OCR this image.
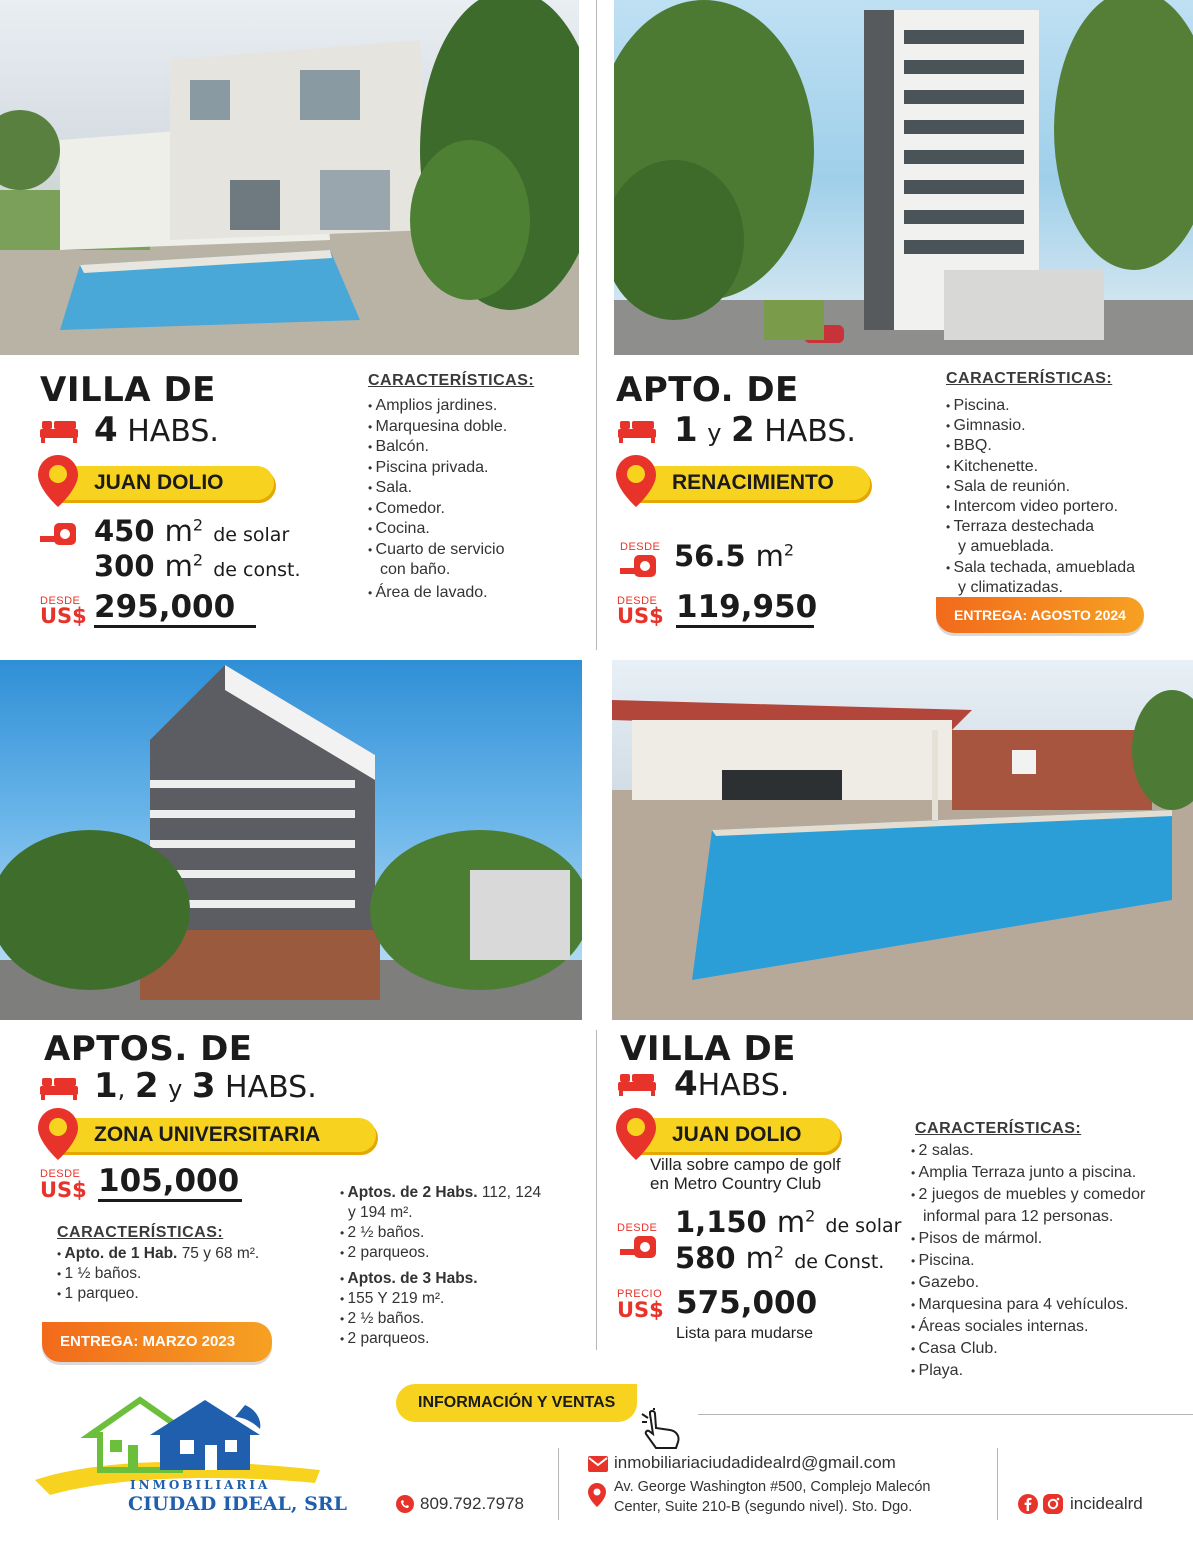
VILLA DE
4 HABS.
JUAN DOLIO
450 $m^2$ de solar
300 $m^2$ de const.
DESDE
US$ 295,000
CARACTERÍSTICAS:
• Amplios jardines.
• Marquesina doble.
• Balcón.
• Piscina privada.
• Sala.
• Comedor.
• Cocina.
• Cuarto de servicio
con baño.
• Área de lavado.
APTO. DE
1 y 2 HABS.
RENACIMIENTO
DESDE 56.5 $m^2$
DESDE
US$ 119,950
CARACTERÍSTICAS:
• Piscina.
• Gimnasio.
• BBQ.
• Kitchenette.
• Sala de reunión.
• Intercom video portero.
• Terraza destechada
y amueblada.
• Sala techada, amueblada
y climatizadas.
ENTREGA: AGOSTO 2024
APTOS. DE
1, 2 y 3 HABS.
ZONA UNIVERSITARIA
DESDE
US$ 105,000
CARACTERÍSTICAS:
• Apto. de 1 Hab. 75 y 68 m².
• 1 ½ baños.
• 1 parqueo.
• Aptos. de 2 Habs. 112, 124
y 194 m².
• 2 ½ baños.
• 2 parqueos.
• Aptos. de 3 Habs.
• 155 Y 219 m².
• 2 ½ baños.
• 2 parqueos.
ENTREGA: MARZO 2023
VILLA DE
4HABS.
JUAN DOLIO
Villa sobre campo de golf
en Metro Country Club
DESDE 1,150 $m^2$ de solar
580 $m^2$ de Const.
PRECIO
US$ 575,000
Lista para mudarse
CARACTERÍSTICAS:
• 2 salas.
• Amplia Terraza junto a piscina.
• 2 juegos de muebles y comedor
informal para 12 personas.
• Pisos de mármol.
• Piscina.
• Gazebo.
• Marquesina para 4 vehículos.
• Áreas sociales internas.
• Casa Club.
• Playa.
INMOBILIARIA
CIUDAD IDEAL, SRL
INFORMACIÓN Y VENTAS
809.792.7978
inmobiliariaciudadidealrd@gmail.com
Av. George Washington #500, Complejo Malecón
Center, Suite 210-B (segundo nivel). Sto. Dgo.	incidealrd
